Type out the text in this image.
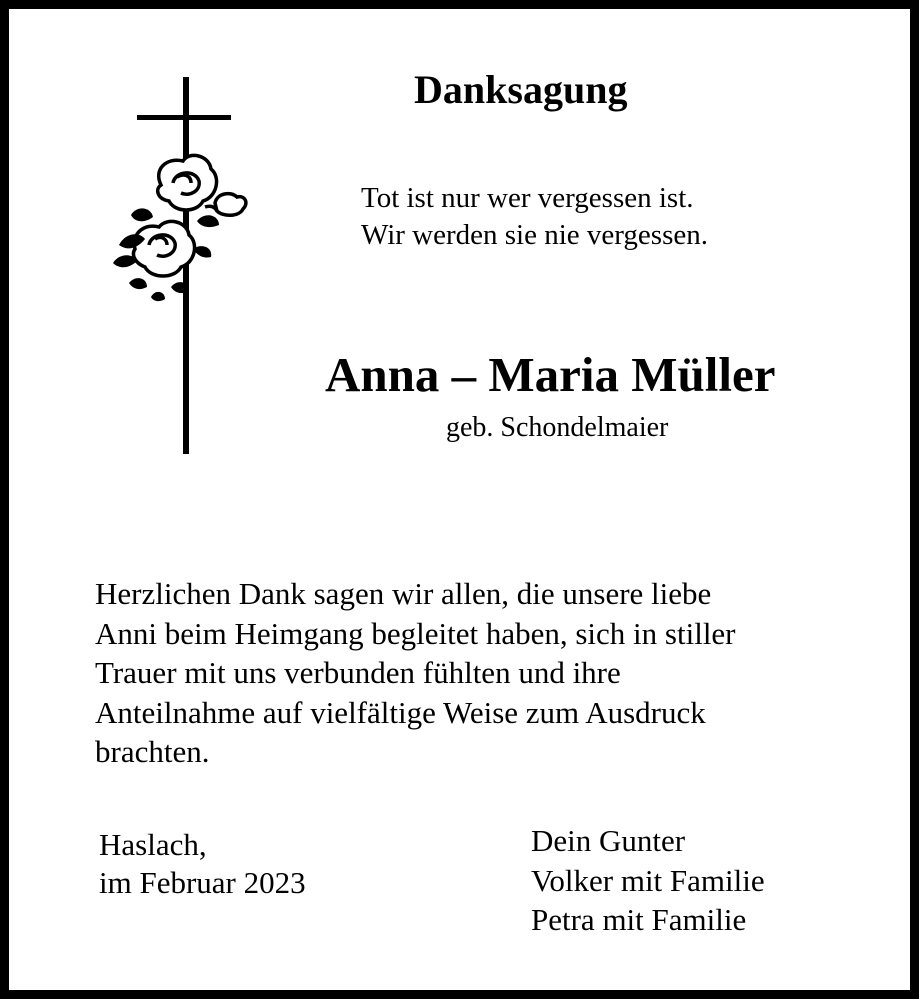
Danksagung
Tot ist nur wer vergessen ist.
Wir werden sie nie vergessen.
Anna – Maria Müller
geb. Schondelmaier
Herzlichen Dank sagen wir allen, die unsere liebe
Anni beim Heimgang begleitet haben, sich in stiller
Trauer mit uns verbunden fühlten und ihre
Anteilnahme auf vielfältige Weise zum Ausdruck
brachten.
Haslach,
im Februar 2023
Dein Gunter
Volker mit Familie
Petra mit Familie
